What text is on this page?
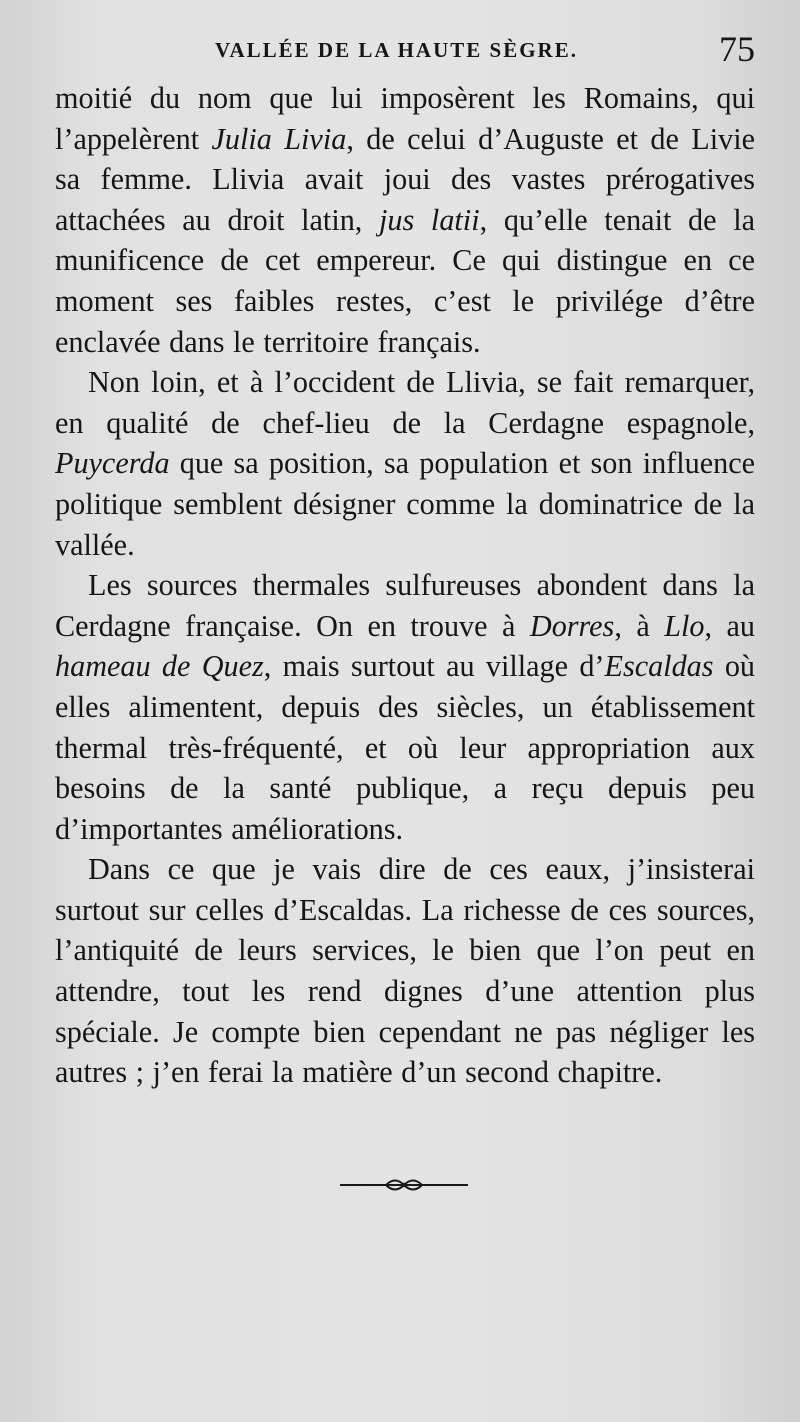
VALLÉE DE LA HAUTE SÈGRE.	75

moitié du nom que lui imposèrent les Romains, qui l’appelèrent Julia Livia, de celui d’Auguste et de Livie sa femme. Llivia avait joui des vastes prérogatives attachées au droit latin, jus latii, qu’elle tenait de la munificence de cet empereur. Ce qui distingue en ce moment ses faibles restes, c’est le privilége d’être enclavée dans le territoire français.

Non loin, et à l’occident de Llivia, se fait remarquer, en qualité de chef-lieu de la Cerdagne espagnole, Puycerda que sa position, sa population et son influence politique semblent désigner comme la dominatrice de la vallée.

Les sources thermales sulfureuses abondent dans la Cerdagne française. On en trouve à Dorres, à Llo, au hameau de Quez, mais surtout au village d’Escaldas où elles alimentent, depuis des siècles, un établissement thermal très-fréquenté, et où leur appropriation aux besoins de la santé publique, a reçu depuis peu d’importantes améliorations.

Dans ce que je vais dire de ces eaux, j’insisterai surtout sur celles d’Escaldas. La richesse de ces sources, l’antiquité de leurs services, le bien que l’on peut en attendre, tout les rend dignes d’une attention plus spéciale. Je compte bien cependant ne pas négliger les autres ; j’en ferai la matière d’un second chapitre.
